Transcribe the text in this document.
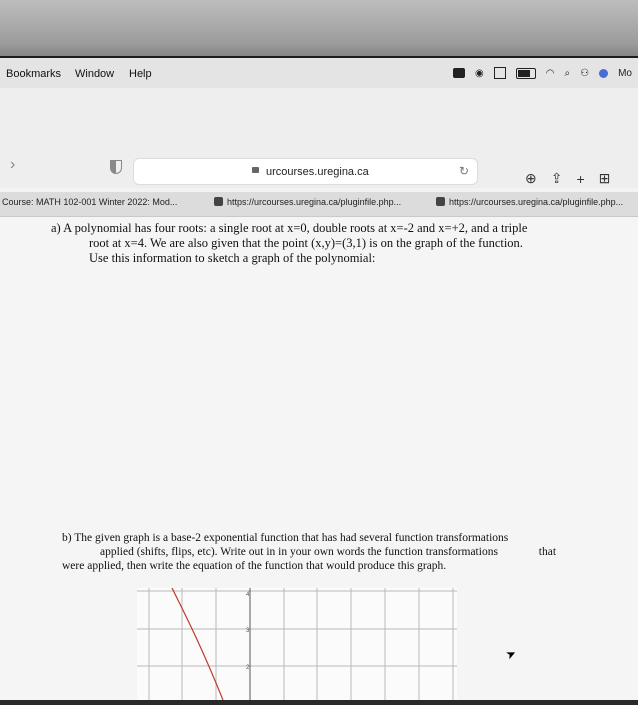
Bookmarks Window Help	◉	◠ ⌕ ⚇	Mo
›	urcourses.uregina.ca	↻	⊕ ⇪ + ⊞
Course: MATH 102-001 Winter 2022: Mod...	https://urcourses.uregina.ca/pluginfile.php...	https://urcourses.uregina.ca/pluginfile.php...
a) A polynomial has four roots: a single root at x=0, double roots at x=-2 and x=+2, and a triple
root at x=4. We are also given that the point (x,y)=(3,1) is on the graph of the function.
Use this information to sketch a graph of the polynomial:
b) The given graph is a base-2 exponential function that has had several function transformations applied (shifts, flips, etc). Write out in in your own words the function transformations	that were applied, then write the equation of the function that would produce this graph.
4
3
2
➤
